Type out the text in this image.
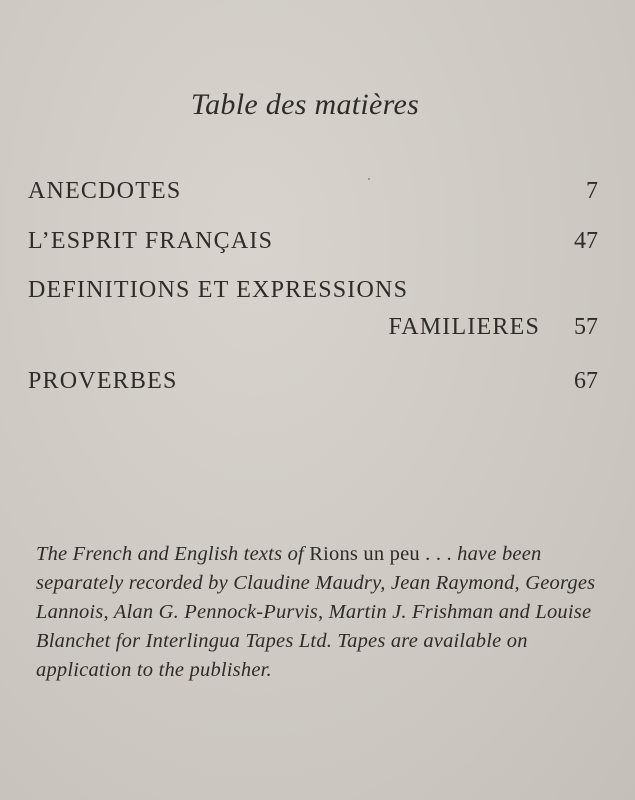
Table des matières
ANECDOTES	7
L’ESPRIT FRANÇAIS	47
DEFINITIONS ET EXPRESSIONS
FAMILIERES	57
PROVERBES	67
The French and English texts of Rions un peu . . . have been separately recorded by Claudine Maudry, Jean Raymond, Georges Lannois, Alan G. Pennock-Purvis, Martin J. Frishman and Louise Blanchet for Interlingua Tapes Ltd. Tapes are available on application to the publisher.
